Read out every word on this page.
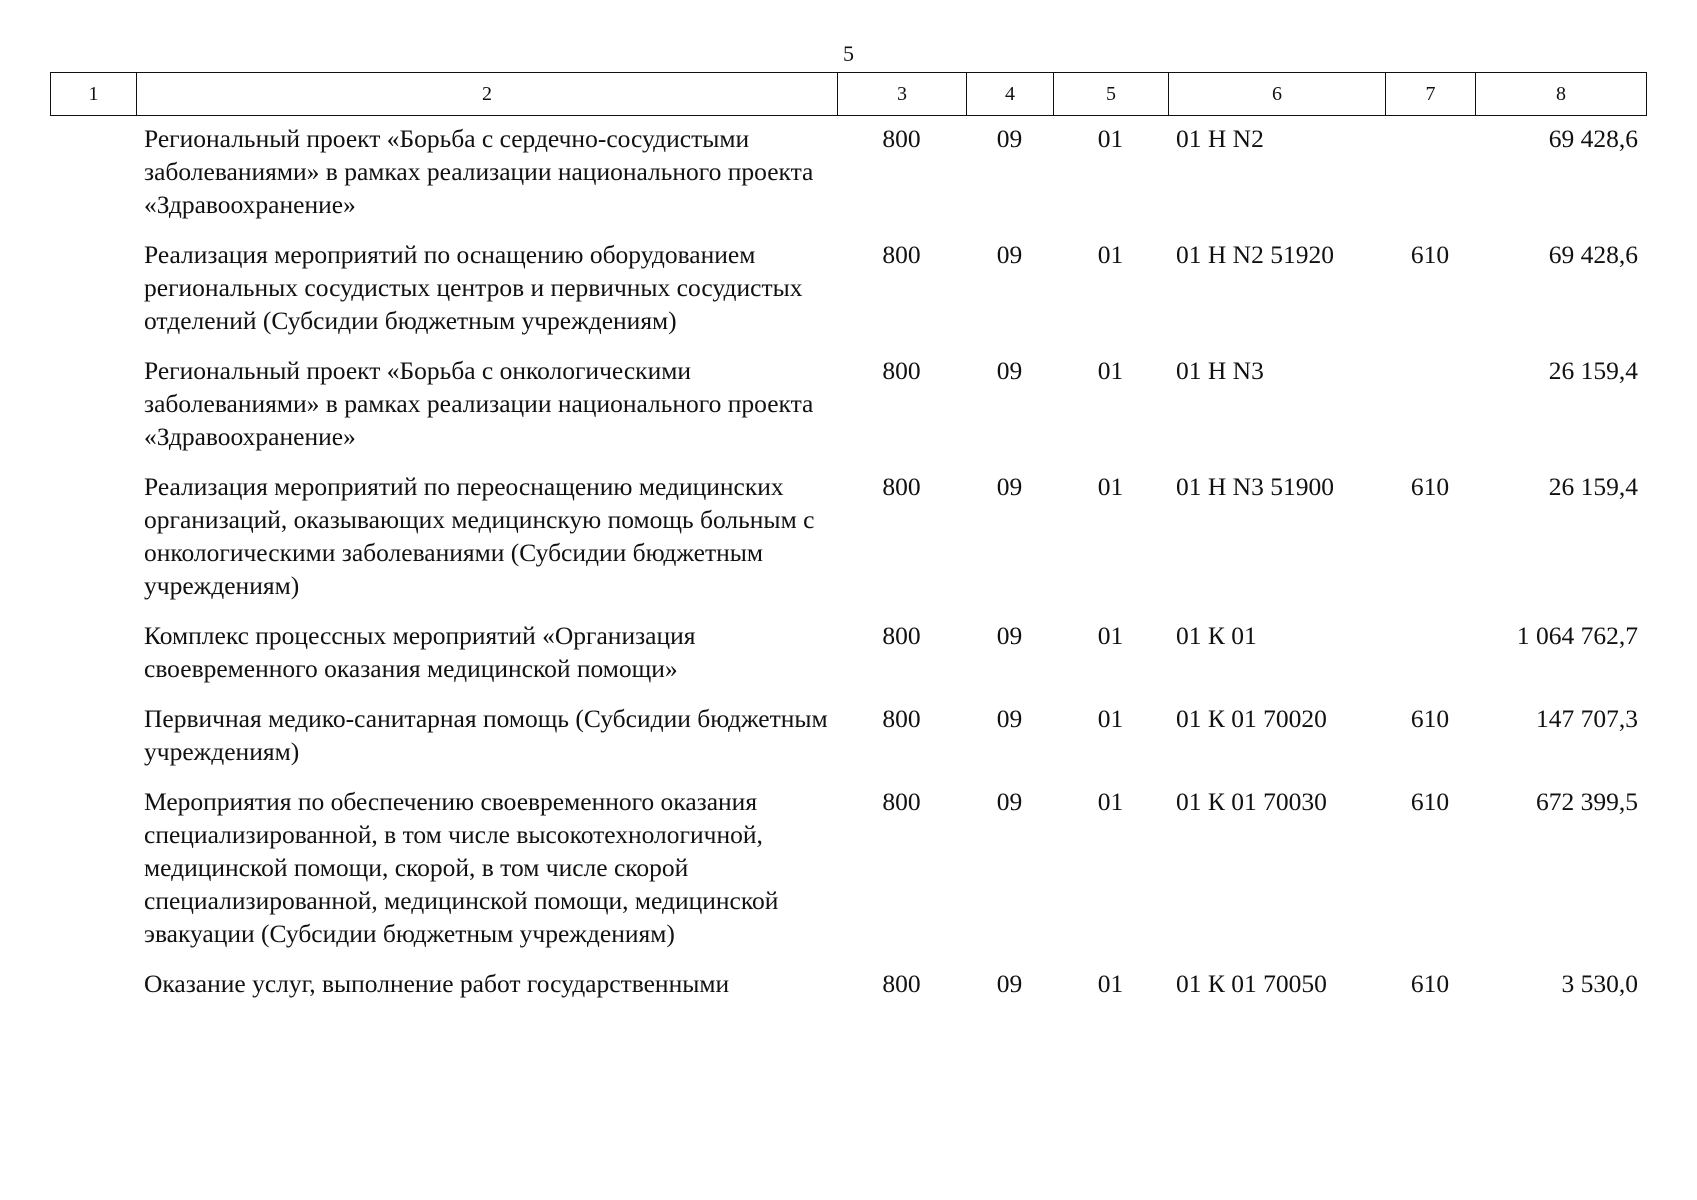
5
1	2	3	4	5	6	7	8
	Региональный проект «Борьба с сердечно-сосудистыми заболеваниями» в рамках реализации национального проекта «Здравоохранение»	800	09	01	01 Н N2		69 428,6
	Реализация мероприятий по оснащению оборудованием региональных сосудистых центров и первичных сосудистых отделений (Субсидии бюджетным учреждениям)	800	09	01	01 Н N2 51920	610	69 428,6
	Региональный проект «Борьба с онкологическими заболеваниями» в рамках реализации национального проекта «Здравоохранение»	800	09	01	01 Н N3		26 159,4
	Реализация мероприятий по переоснащению медицинских организаций, оказывающих медицинскую помощь больным с онкологическими заболеваниями (Субсидии бюджетным учреждениям)	800	09	01	01 Н N3 51900	610	26 159,4
	Комплекс процессных мероприятий «Организация своевременного оказания медицинской помощи»	800	09	01	01 К 01		1 064 762,7
	Первичная медико-санитарная помощь (Субсидии бюджетным учреждениям)	800	09	01	01 К 01 70020	610	147 707,3
	Мероприятия по обеспечению своевременного оказания специализированной, в том числе высокотехнологичной, медицинской помощи, скорой, в том числе скорой специализированной, медицинской помощи, медицинской эвакуации (Субсидии бюджетным учреждениям)	800	09	01	01 К 01 70030	610	672 399,5
	Оказание услуг, выполнение работ государственными	800	09	01	01 К 01 70050	610	3 530,0
